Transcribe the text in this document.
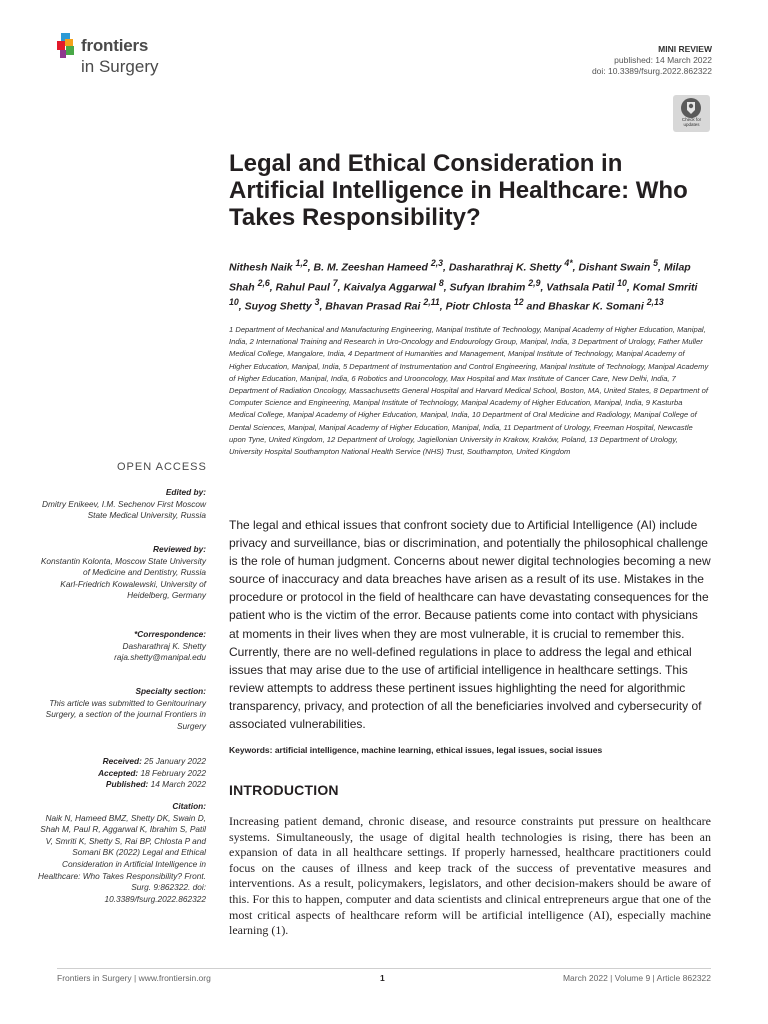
frontiers
in Surgery
MINI REVIEW
published: 14 March 2022
doi: 10.3389/fsurg.2022.862322
Check for
updates
Legal and Ethical Consideration in Artificial Intelligence in Healthcare: Who Takes Responsibility?
Nithesh Naik $^{1,2}$, B. M. Zeeshan Hameed $^{2,3}$, Dasharathraj K. Shetty $^{4*}$, Dishant Swain $^5$, Milap Shah $^{2,6}$, Rahul Paul $^7$, Kaivalya Aggarwal $^8$, Sufyan Ibrahim $^{2,9}$, Vathsala Patil $^{10}$, Komal Smriti $^{10}$, Suyog Shetty $^3$, Bhavan Prasad Rai $^{2,11}$, Piotr Chlosta $^{12}$ and Bhaskar K. Somani $^{2,13}$
1 Department of Mechanical and Manufacturing Engineering, Manipal Institute of Technology, Manipal Academy of Higher Education, Manipal, India, 2 International Training and Research in Uro-Oncology and Endourology Group, Manipal, India, 3 Department of Urology, Father Muller Medical College, Mangalore, India, 4 Department of Humanities and Management, Manipal Institute of Technology, Manipal Academy of Higher Education, Manipal, India, 5 Department of Instrumentation and Control Engineering, Manipal Institute of Technology, Manipal Academy of Higher Education, Manipal, India, 6 Robotics and Urooncology, Max Hospital and Max Institute of Cancer Care, New Delhi, India, 7 Department of Radiation Oncology, Massachusetts General Hospital and Harvard Medical School, Boston, MA, United States, 8 Department of Computer Science and Engineering, Manipal Institute of Technology, Manipal Academy of Higher Education, Manipal, India, 9 Kasturba Medical College, Manipal Academy of Higher Education, Manipal, India, 10 Department of Oral Medicine and Radiology, Manipal College of Dental Sciences, Manipal, Manipal Academy of Higher Education, Manipal, India, 11 Department of Urology, Freeman Hospital, Newcastle upon Tyne, United Kingdom, 12 Department of Urology, Jagiellonian University in Krakow, Kraków, Poland, 13 Department of Urology, University Hospital Southampton National Health Service (NHS) Trust, Southampton, United Kingdom
OPEN ACCESS
Edited by:
Dmitry Enikeev, I.M. Sechenov First Moscow State Medical University, Russia
Reviewed by:
Konstantin Kolonta, Moscow State University of Medicine and Dentistry, Russia
Karl-Friedrich Kowalewski, University of Heidelberg, Germany
*Correspondence:
Dasharathraj K. Shetty
raja.shetty@manipal.edu
Specialty section:
This article was submitted to Genitourinary Surgery, a section of the journal Frontiers in Surgery
Received: 25 January 2022
Accepted: 18 February 2022
Published: 14 March 2022
Citation:
Naik N, Hameed BMZ, Shetty DK, Swain D, Shah M, Paul R, Aggarwal K, Ibrahim S, Patil V, Smriti K, Shetty S, Rai BP, Chlosta P and Somani BK (2022) Legal and Ethical Consideration in Artificial Intelligence in Healthcare: Who Takes Responsibility? Front. Surg. 9:862322. doi: 10.3389/fsurg.2022.862322
The legal and ethical issues that confront society due to Artificial Intelligence (AI) include privacy and surveillance, bias or discrimination, and potentially the philosophical challenge is the role of human judgment. Concerns about newer digital technologies becoming a new source of inaccuracy and data breaches have arisen as a result of its use. Mistakes in the procedure or protocol in the field of healthcare can have devastating consequences for the patient who is the victim of the error. Because patients come into contact with physicians at moments in their lives when they are most vulnerable, it is crucial to remember this. Currently, there are no well-defined regulations in place to address the legal and ethical issues that may arise due to the use of artificial intelligence in healthcare settings. This review attempts to address these pertinent issues highlighting the need for algorithmic transparency, privacy, and protection of all the beneficiaries involved and cybersecurity of associated vulnerabilities.
Keywords: artificial intelligence, machine learning, ethical issues, legal issues, social issues
INTRODUCTION
Increasing patient demand, chronic disease, and resource constraints put pressure on healthcare systems. Simultaneously, the usage of digital health technologies is rising, there has been an expansion of data in all healthcare settings. If properly harnessed, healthcare practitioners could focus on the causes of illness and keep track of the success of preventative measures and interventions. As a result, policymakers, legislators, and other decision-makers should be aware of this. For this to happen, computer and data scientists and clinical entrepreneurs argue that one of the most critical aspects of healthcare reform will be artificial intelligence (AI), especially machine learning (1).
Frontiers in Surgery | www.frontiersin.org	1	March 2022 | Volume 9 | Article 862322
